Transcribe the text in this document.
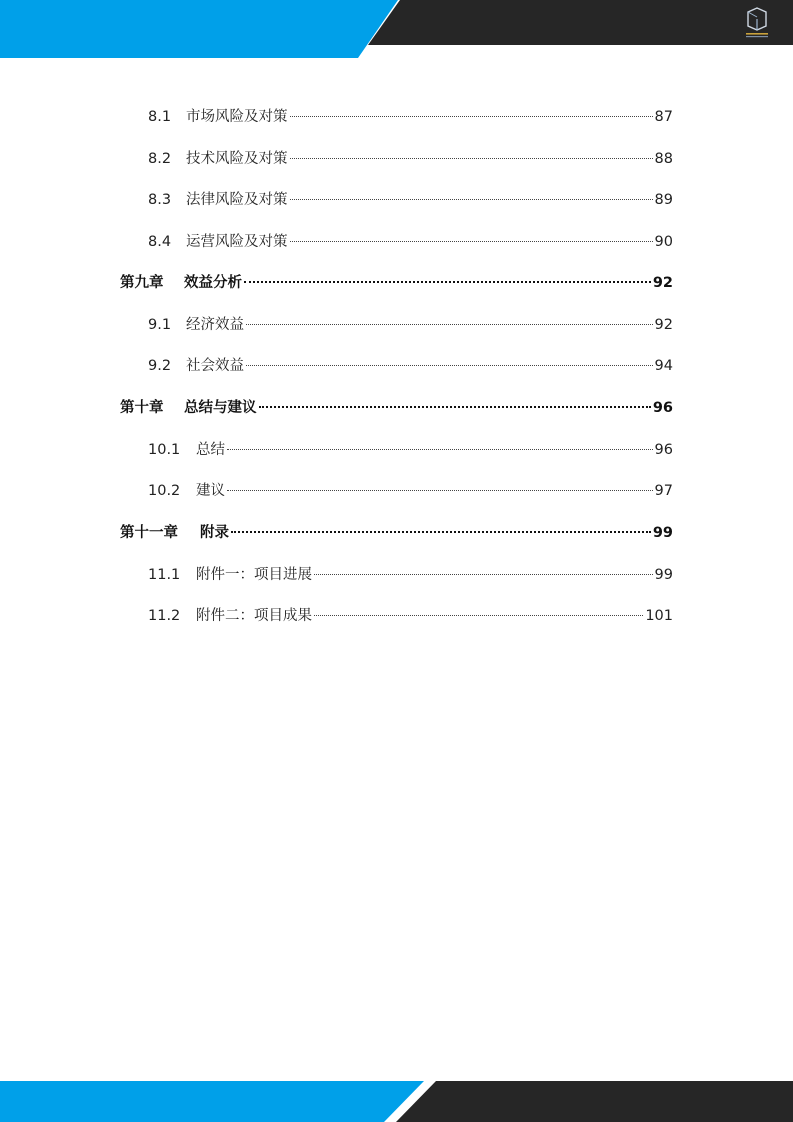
8.1	市场风险及对策	87
8.2	技术风险及对策	88
8.3	法律风险及对策	89
8.4	运营风险及对策	90
第九章	效益分析	92
9.1	经济效益	92
9.2	社会效益	94
第十章	总结与建议	96
10.1	总结	96
10.2	建议	97
第十一章	附录	99
11.1	附件一：项目进展	99
11.2	附件二：项目成果	101
